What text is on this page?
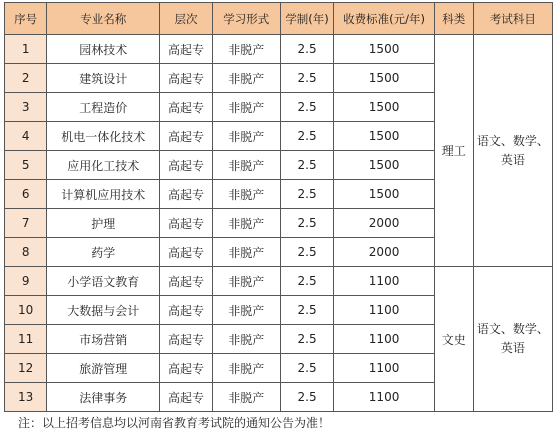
序号	专业名称	层次	学习形式	学制(年)	收费标准(元/年)	科类	考试科目
1	园林技术	高起专	非脱产	2.5	1500	理工	语文、数学、英语
2	建筑设计	高起专	非脱产	2.5	1500		
3	工程造价	高起专	非脱产	2.5	1500		
4	机电一体化技术	高起专	非脱产	2.5	1500		
5	应用化工技术	高起专	非脱产	2.5	1500		
6	计算机应用技术	高起专	非脱产	2.5	1500		
7	护理	高起专	非脱产	2.5	2000		
8	药学	高起专	非脱产	2.5	2000		
9	小学语文教育	高起专	非脱产	2.5	1100	文史	语文、数学、英语
10	大数据与会计	高起专	非脱产	2.5	1100		
11	市场营销	高起专	非脱产	2.5	1100		
12	旅游管理	高起专	非脱产	2.5	1100		
13	法律事务	高起专	非脱产	2.5	1100		
注：以上招考信息均以河南省教育考试院的通知公告为准！
